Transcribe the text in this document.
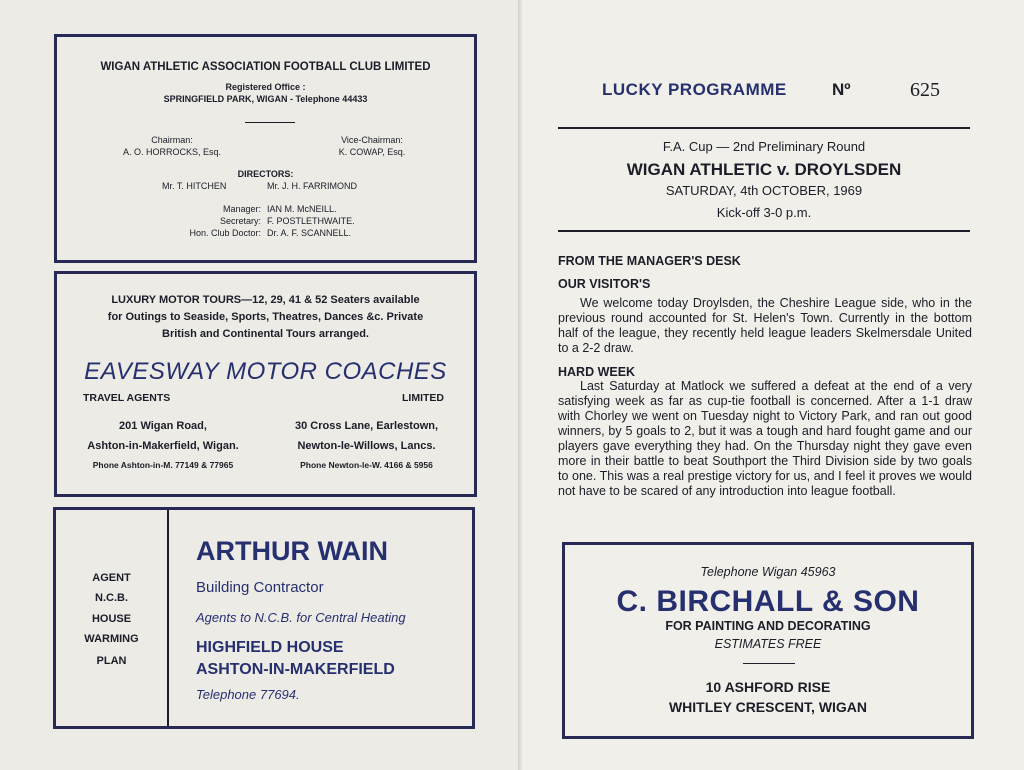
WIGAN ATHLETIC ASSOCIATION FOOTBALL CLUB LIMITED
Registered Office :
SPRINGFIELD PARK, WIGAN - Telephone 44433
Chairman:
A. O. HORROCKS, Esq.
Vice-Chairman:
K. COWAP, Esq.
DIRECTORS:
Mr. T. HITCHEN	Mr. J. H. FARRIMOND
Manager: IAN M. McNEILL.
Secretary: F. POSTLETHWAITE.
Hon. Club Doctor: Dr. A. F. SCANNELL.
LUXURY MOTOR TOURS—12, 29, 41 & 52 Seaters available
for Outings to Seaside, Sports, Theatres, Dances &c. Private
British and Continental Tours arranged.
EAVESWAY MOTOR COACHES
TRAVEL AGENTS	LIMITED
201 Wigan Road,
Ashton-in-Makerfield, Wigan.
Phone Ashton-in-M. 77149 & 77965
30 Cross Lane, Earlestown,
Newton-le-Willows, Lancs.
Phone Newton-le-W. 4166 & 5956
AGENT
N.C.B.
HOUSE
WARMING
PLAN
ARTHUR WAIN
Building Contractor
Agents to N.C.B. for Central Heating
HIGHFIELD HOUSE
ASHTON-IN-MAKERFIELD
Telephone 77694.
LUCKY PROGRAMME	Nº	625
F.A. Cup — 2nd Preliminary Round
WIGAN ATHLETIC v. DROYLSDEN
SATURDAY, 4th OCTOBER, 1969
Kick-off 3-0 p.m.
FROM THE MANAGER'S DESK
OUR VISITOR'S

We welcome today Droylsden, the Cheshire League side, who in the previous round accounted for St. Helen's Town. Currently in the bottom half of the league, they recently held league leaders Skelmersdale United to a 2-2 draw.

HARD WEEK

Last Saturday at Matlock we suffered a defeat at the end of a very satisfying week as far as cup-tie football is concerned. After a 1-1 draw with Chorley we went on Tuesday night to Victory Park, and ran out good winners, by 5 goals to 2, but it was a tough and hard fought game and our players gave everything they had. On the Thursday night they gave even more in their battle to beat Southport the Third Division side by two goals to one. This was a real prestige victory for us, and I feel it proves we would not have to be scared of any introduction into league football.

Telephone Wigan 45963
C. BIRCHALL & SON
FOR PAINTING AND DECORATING
ESTIMATES FREE
10 ASHFORD RISE
WHITLEY CRESCENT, WIGAN
